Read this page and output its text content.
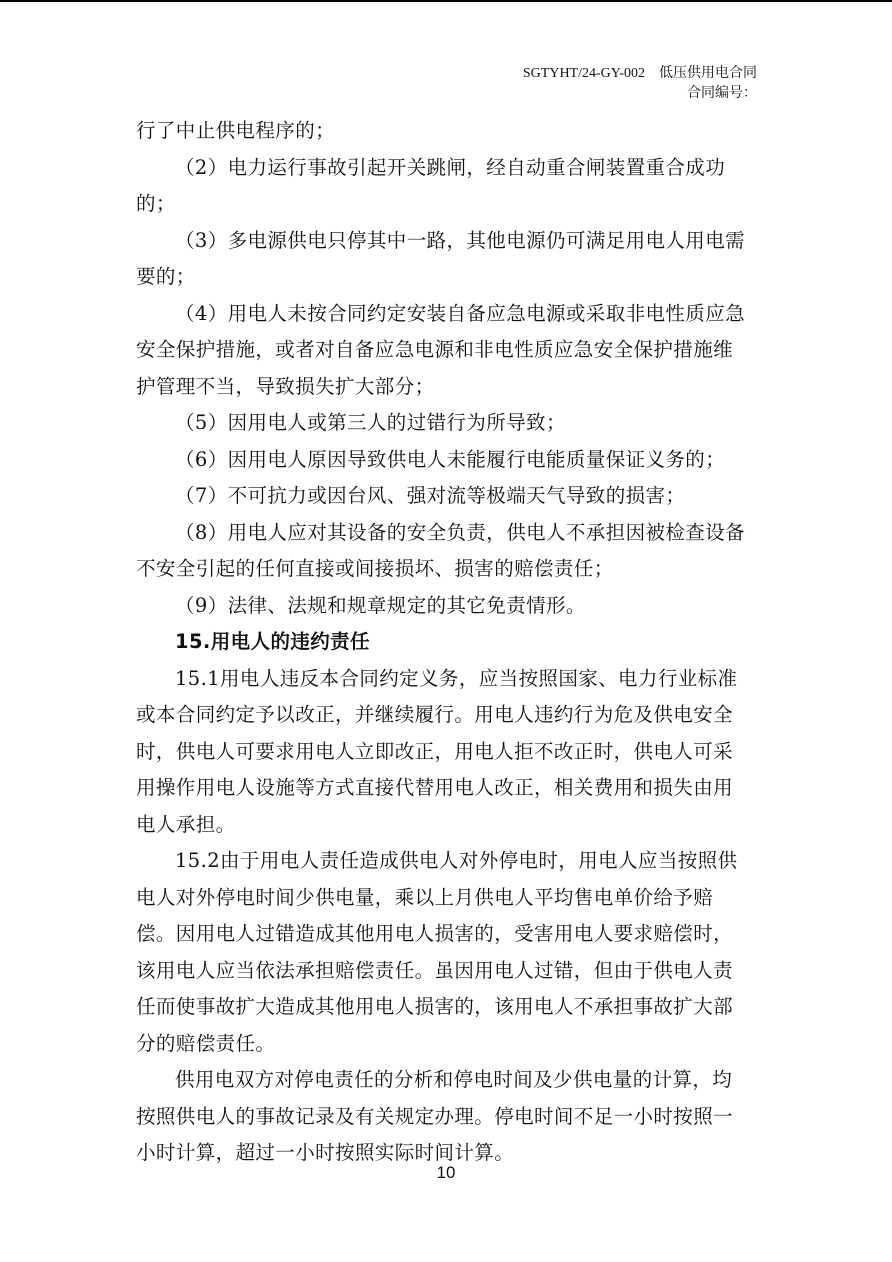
SGTYHT/24-GY-002 低压供用电合同
合同编号：

行了中止供电程序的；

（2）电力运行事故引起开关跳闸，经自动重合闸装置重合成功的；

（3）多电源供电只停其中一路，其他电源仍可满足用电人用电需要的；

（4）用电人未按合同约定安装自备应急电源或采取非电性质应急安全保护措施，或者对自备应急电源和非电性质应急安全保护措施维护管理不当，导致损失扩大部分；

（5）因用电人或第三人的过错行为所导致；

（6）因用电人原因导致供电人未能履行电能质量保证义务的；

（7）不可抗力或因台风、强对流等极端天气导致的损害；

（8）用电人应对其设备的安全负责，供电人不承担因被检查设备不安全引起的任何直接或间接损坏、损害的赔偿责任；

（9）法律、法规和规章规定的其它免责情形。

15.用电人的违约责任

15.1用电人违反本合同约定义务，应当按照国家、电力行业标准或本合同约定予以改正，并继续履行。用电人违约行为危及供电安全时，供电人可要求用电人立即改正，用电人拒不改正时，供电人可采用操作用电人设施等方式直接代替用电人改正，相关费用和损失由用电人承担。

15.2由于用电人责任造成供电人对外停电时，用电人应当按照供电人对外停电时间少供电量，乘以上月供电人平均售电单价给予赔偿。因用电人过错造成其他用电人损害的，受害用电人要求赔偿时，该用电人应当依法承担赔偿责任。虽因用电人过错，但由于供电人责任而使事故扩大造成其他用电人损害的，该用电人不承担事故扩大部分的赔偿责任。

供用电双方对停电责任的分析和停电时间及少供电量的计算，均按照供电人的事故记录及有关规定办理。停电时间不足一小时按照一小时计算，超过一小时按照实际时间计算。

10
